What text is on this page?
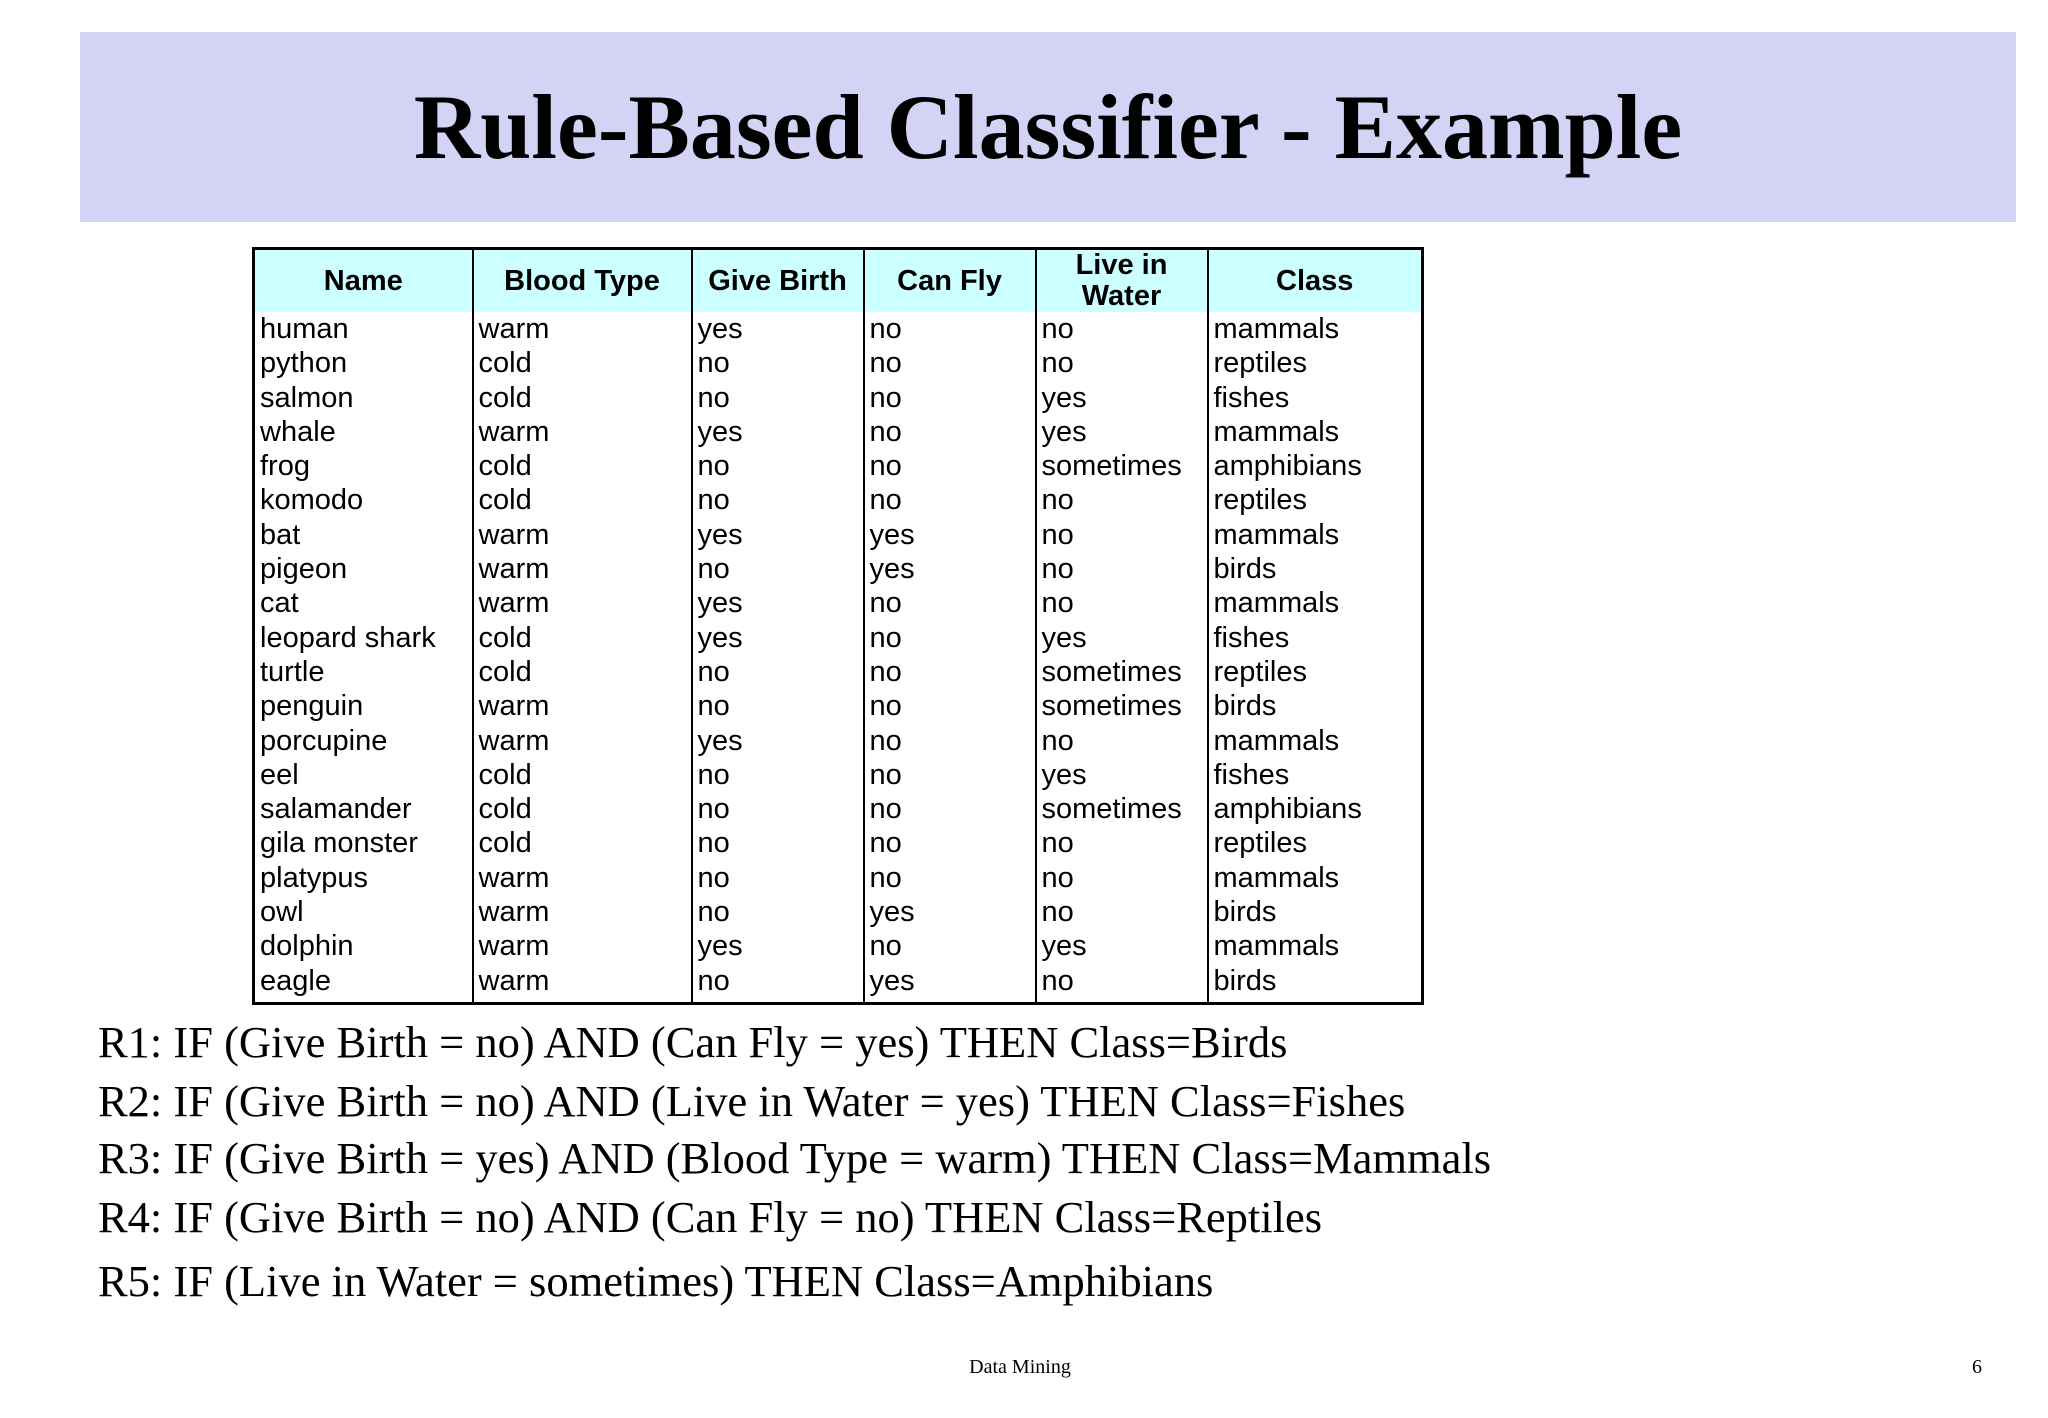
Rule-Based Classifier - Example
Name	Blood Type	Give Birth	Can Fly	Live in Water	Class
human	warm	yes	no	no	mammals
python	cold	no	no	no	reptiles
salmon	cold	no	no	yes	fishes
whale	warm	yes	no	yes	mammals
frog	cold	no	no	sometimes	amphibians
komodo	cold	no	no	no	reptiles
bat	warm	yes	yes	no	mammals
pigeon	warm	no	yes	no	birds
cat	warm	yes	no	no	mammals
leopard shark	cold	yes	no	yes	fishes
turtle	cold	no	no	sometimes	reptiles
penguin	warm	no	no	sometimes	birds
porcupine	warm	yes	no	no	mammals
eel	cold	no	no	yes	fishes
salamander	cold	no	no	sometimes	amphibians
gila monster	cold	no	no	no	reptiles
platypus	warm	no	no	no	mammals
owl	warm	no	yes	no	birds
dolphin	warm	yes	no	yes	mammals
eagle	warm	no	yes	no	birds
R1: IF (Give Birth = no) AND (Can Fly = yes) THEN Class=Birds
R2: IF (Give Birth = no) AND (Live in Water = yes) THEN Class=Fishes
R3: IF (Give Birth = yes) AND (Blood Type = warm) THEN Class=Mammals
R4: IF (Give Birth = no) AND (Can Fly = no) THEN Class=Reptiles
R5: IF (Live in Water = sometimes) THEN Class=Amphibians
Data Mining	6
